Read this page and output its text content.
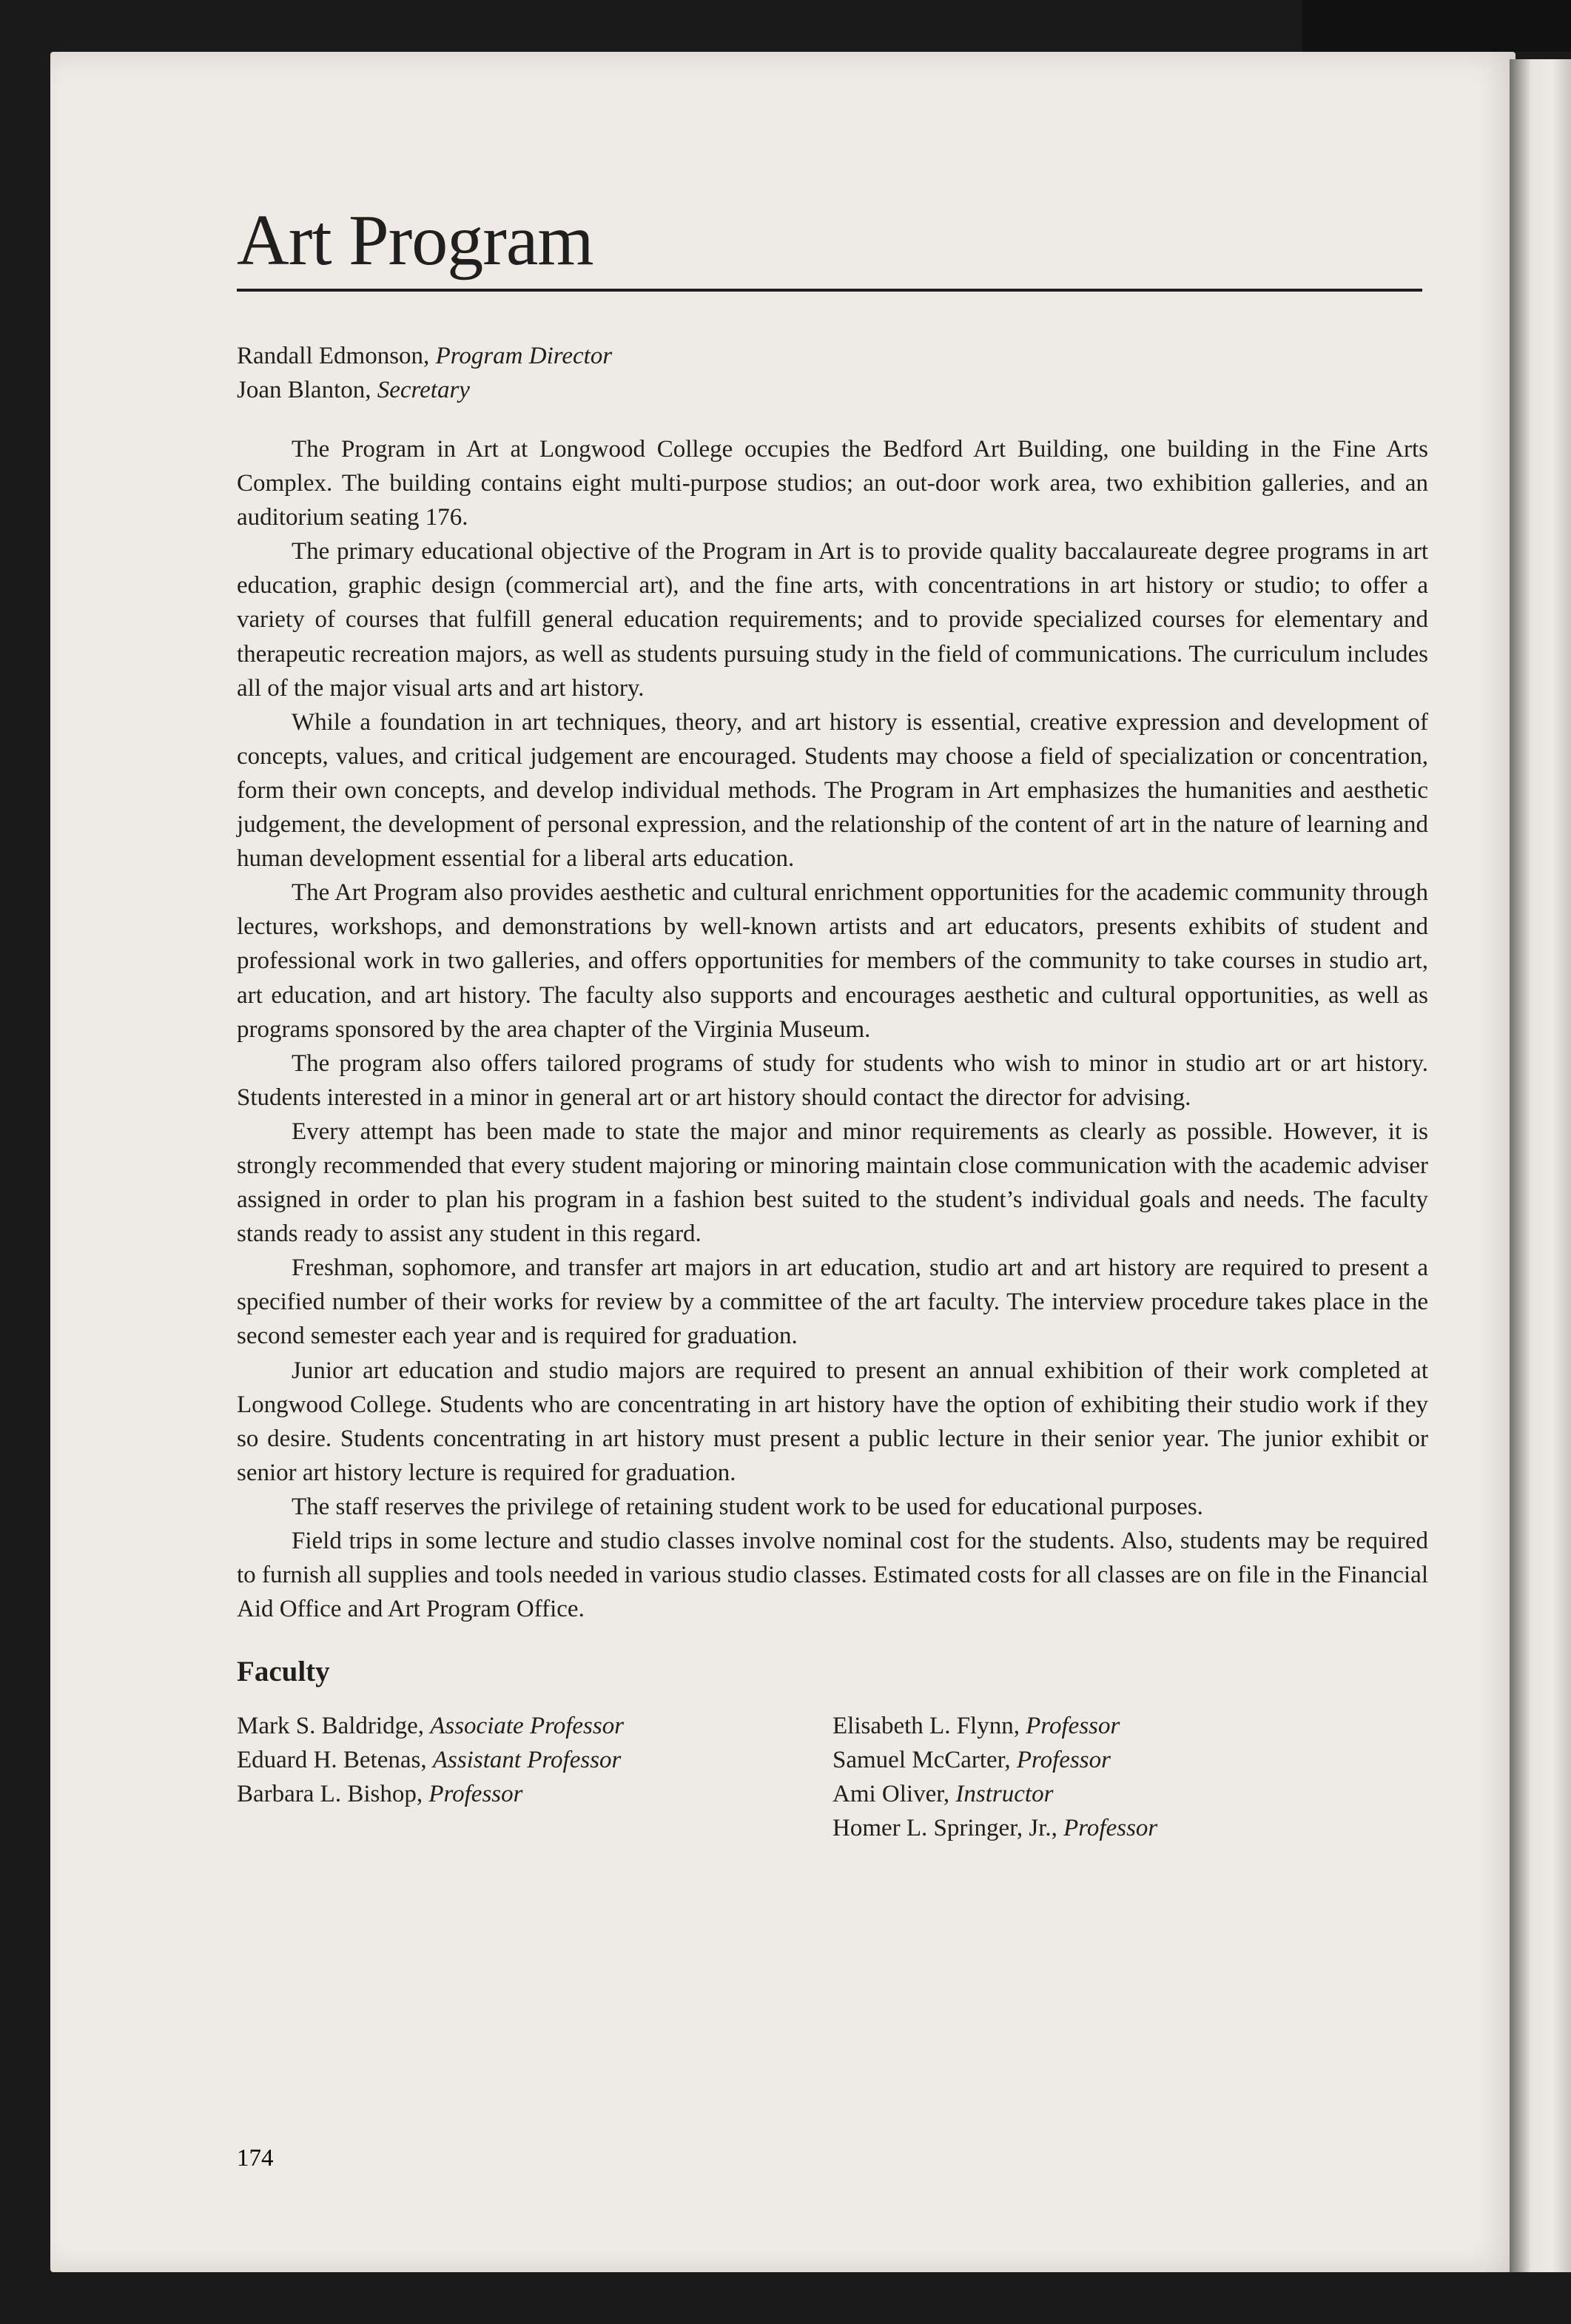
Art Program
Randall Edmonson, Program Director
Joan Blanton, Secretary

The Program in Art at Longwood College occupies the Bedford Art Building, one building in the Fine Arts Complex. The building contains eight multi-purpose studios; an out-door work area, two exhibition galleries, and an auditorium seating 176.

The primary educational objective of the Program in Art is to provide quality baccalaureate degree programs in art education, graphic design (commercial art), and the fine arts, with concentrations in art history or studio; to offer a variety of courses that fulfill general education requirements; and to provide specialized courses for elementary and therapeutic recreation majors, as well as students pursuing study in the field of communications. The curriculum includes all of the major visual arts and art history.

While a foundation in art techniques, theory, and art history is essential, creative expression and development of concepts, values, and critical judgement are encouraged. Students may choose a field of specialization or concentration, form their own concepts, and develop individual methods. The Program in Art emphasizes the humanities and aesthetic judgement, the development of personal expression, and the relationship of the content of art in the nature of learning and human development essential for a liberal arts education.

The Art Program also provides aesthetic and cultural enrichment opportunities for the academic community through lectures, workshops, and demonstrations by well-known artists and art educators, presents exhibits of student and professional work in two galleries, and offers opportunities for members of the community to take courses in studio art, art education, and art history. The faculty also supports and encourages aesthetic and cultural opportunities, as well as programs sponsored by the area chapter of the Virginia Museum.

The program also offers tailored programs of study for students who wish to minor in studio art or art history. Students interested in a minor in general art or art history should contact the director for advising.

Every attempt has been made to state the major and minor requirements as clearly as possible. However, it is strongly recommended that every student majoring or minoring maintain close communication with the academic adviser assigned in order to plan his program in a fashion best suited to the student’s individual goals and needs. The faculty stands ready to assist any student in this regard.

Freshman, sophomore, and transfer art majors in art education, studio art and art history are required to present a specified number of their works for review by a committee of the art faculty. The interview procedure takes place in the second semester each year and is required for graduation.

Junior art education and studio majors are required to present an annual exhibition of their work completed at Longwood College. Students who are concentrating in art history have the option of exhibiting their studio work if they so desire. Students concentrating in art history must present a public lecture in their senior year. The junior exhibit or senior art history lecture is required for graduation.

The staff reserves the privilege of retaining student work to be used for educational purposes.

Field trips in some lecture and studio classes involve nominal cost for the students. Also, students may be required to furnish all supplies and tools needed in various studio classes. Estimated costs for all classes are on file in the Financial Aid Office and Art Program Office.

Faculty
Mark S. Baldridge, Associate Professor
Eduard H. Betenas, Assistant Professor
Barbara L. Bishop, Professor
Elisabeth L. Flynn, Professor
Samuel McCarter, Professor
Ami Oliver, Instructor
Homer L. Springer, Jr., Professor
174
